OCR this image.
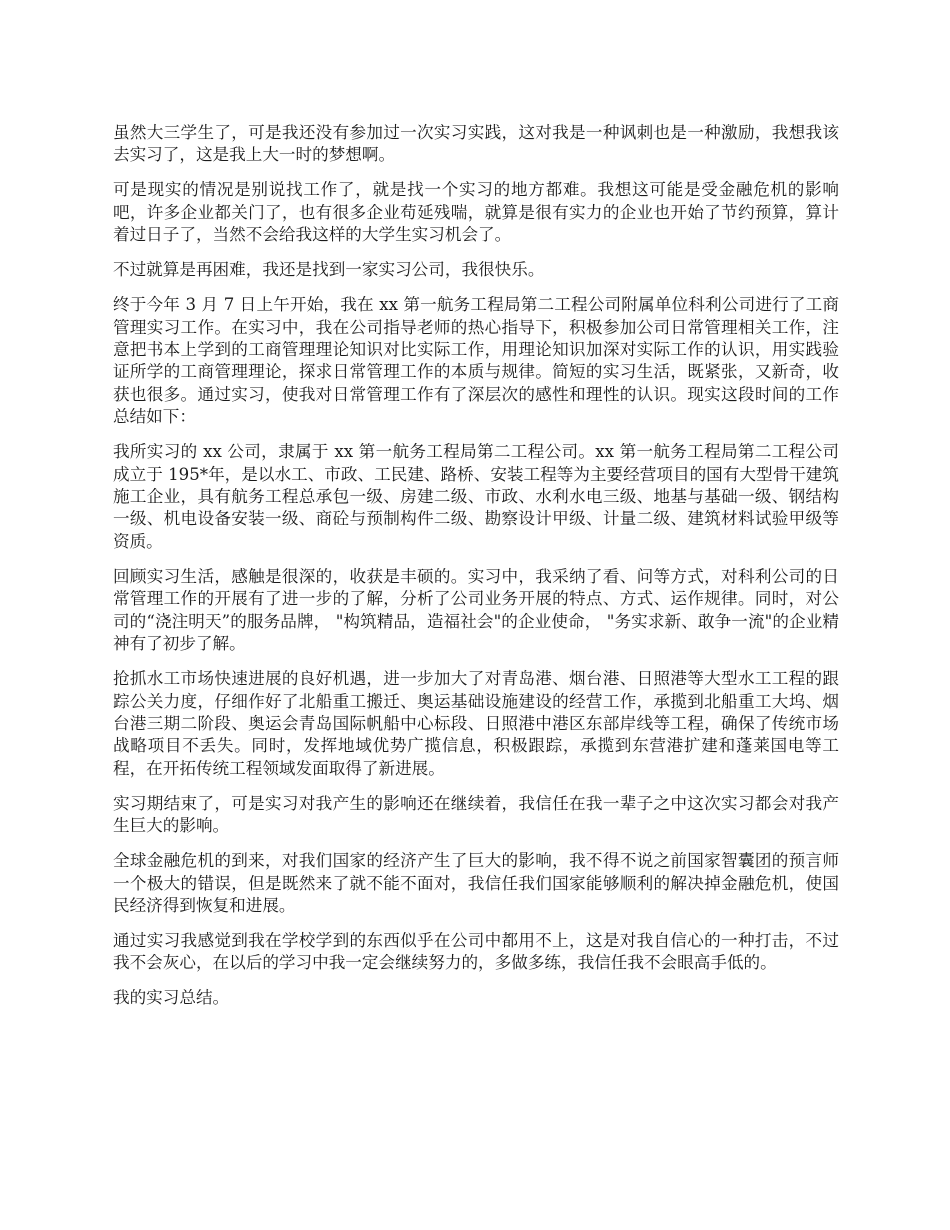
虽然大三学生了，可是我还没有参加过一次实习实践，这对我是一种讽刺也是一种激励，我想我该去实习了，这是我上大一时的梦想啊。

可是现实的情况是别说找工作了，就是找一个实习的地方都难。我想这可能是受金融危机的影响吧，许多企业都关门了，也有很多企业苟延残喘，就算是很有实力的企业也开始了节约预算，算计着过日子了，当然不会给我这样的大学生实习机会了。

不过就算是再困难，我还是找到一家实习公司，我很快乐。

终于今年 3 月 7 日上午开始，我在 xx 第一航务工程局第二工程公司附属单位科利公司进行了工商管理实习工作。在实习中，我在公司指导老师的热心指导下，积极参加公司日常管理相关工作，注意把书本上学到的工商管理理论知识对比实际工作，用理论知识加深对实际工作的认识，用实践验证所学的工商管理理论，探求日常管理工作的本质与规律。简短的实习生活，既紧张，又新奇，收获也很多。通过实习，使我对日常管理工作有了深层次的感性和理性的认识。现实这段时间的工作总结如下：

我所实习的 xx 公司，隶属于 xx 第一航务工程局第二工程公司。xx 第一航务工程局第二工程公司成立于 195*年，是以水工、市政、工民建、路桥、安装工程等为主要经营项目的国有大型骨干建筑施工企业，具有航务工程总承包一级、房建二级、市政、水利水电三级、地基与基础一级、钢结构一级、机电设备安装一级、商砼与预制构件二级、勘察设计甲级、计量二级、建筑材料试验甲级等资质。

回顾实习生活，感触是很深的，收获是丰硕的。实习中，我采纳了看、问等方式，对科利公司的日常管理工作的开展有了进一步的了解，分析了公司业务开展的特点、方式、运作规律。同时，对公司的“浇注明天”的服务品牌， "构筑精品，造福社会"的企业使命， "务实求新、敢争一流"的企业精神有了初步了解。

抢抓水工市场快速进展的良好机遇，进一步加大了对青岛港、烟台港、日照港等大型水工工程的跟踪公关力度，仔细作好了北船重工搬迁、奥运基础设施建设的经营工作，承揽到北船重工大坞、烟台港三期二阶段、奥运会青岛国际帆船中心标段、日照港中港区东部岸线等工程，确保了传统市场战略项目不丢失。同时，发挥地域优势广揽信息，积极跟踪，承揽到东营港扩建和蓬莱国电等工程，在开拓传统工程领域发面取得了新进展。

实习期结束了，可是实习对我产生的影响还在继续着，我信任在我一辈子之中这次实习都会对我产生巨大的影响。

全球金融危机的到来，对我们国家的经济产生了巨大的影响，我不得不说之前国家智囊团的预言师一个极大的错误，但是既然来了就不能不面对，我信任我们国家能够顺利的解决掉金融危机，使国民经济得到恢复和进展。

通过实习我感觉到我在学校学到的东西似乎在公司中都用不上，这是对我自信心的一种打击，不过我不会灰心，在以后的学习中我一定会继续努力的，多做多练，我信任我不会眼高手低的。

我的实习总结。
